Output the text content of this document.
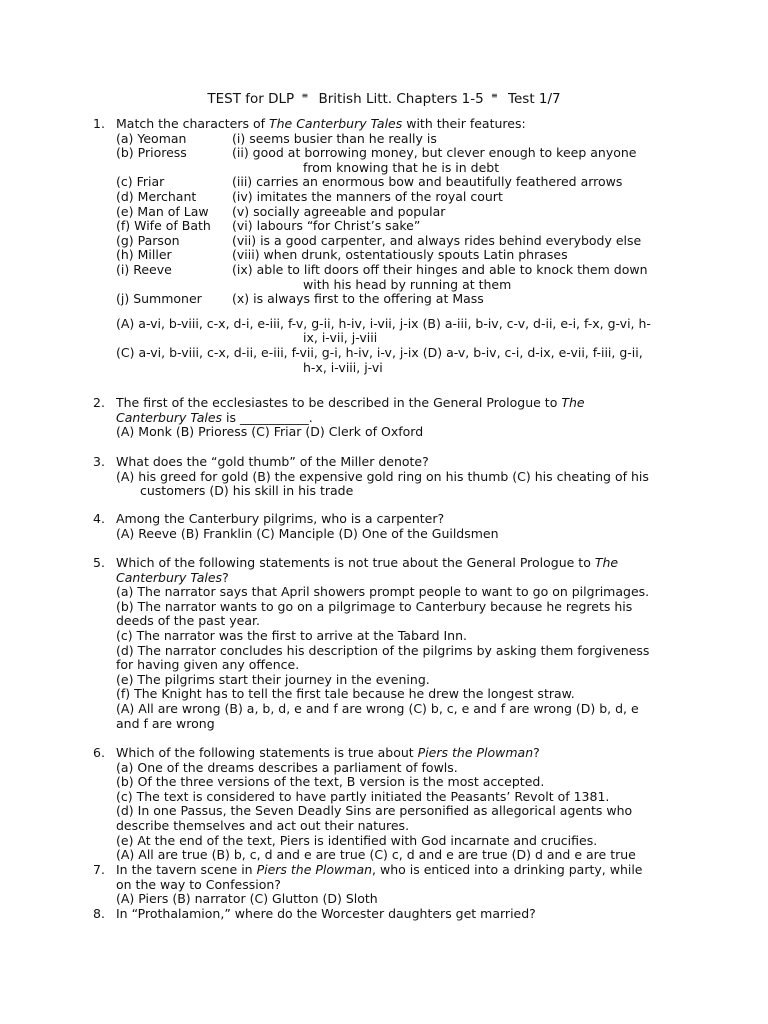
TEST for DLP ≡ British Litt. Chapters 1-5 ≡ Test 1/7
1. Match the characters of The Canterbury Tales with their features:
(a) Yeoman	(i) seems busier than he really is
(b) Prioress	(ii) good at borrowing money, but clever enough to keep anyone
from knowing that he is in debt
(c) Friar	(iii) carries an enormous bow and beautifully feathered arrows
(d) Merchant	(iv) imitates the manners of the royal court
(e) Man of Law (v) socially agreeable and popular
(f) Wife of Bath (vi) labours “for Christ’s sake”
(g) Parson	(vii) is a good carpenter, and always rides behind everybody else
(h) Miller	(viii) when drunk, ostentatiously spouts Latin phrases
(i) Reeve	(ix) able to lift doors off their hinges and able to knock them down
with his head by running at them
(j) Summoner (x) is always first to the offering at Mass
(A) a-vi, b-viii, c-x, d-i, e-iii, f-v, g-ii, h-iv, i-vii, j-ix (B) a-iii, b-iv, c-v, d-ii, e-i, f-x, g-vi, h-
ix, i-vii, j-viii
(C) a-vi, b-viii, c-x, d-ii, e-iii, f-vii, g-i, h-iv, i-v, j-ix (D) a-v, b-iv, c-i, d-ix, e-vii, f-iii, g-ii,
h-x, i-viii, j-vi
2. The first of the ecclesiastes to be described in the General Prologue to The
Canterbury Tales is ___________.
(A) Monk (B) Prioress (C) Friar (D) Clerk of Oxford
3. What does the “gold thumb” of the Miller denote?
(A) his greed for gold (B) the expensive gold ring on his thumb (C) his cheating of his
customers (D) his skill in his trade
4. Among the Canterbury pilgrims, who is a carpenter?
(A) Reeve (B) Franklin (C) Manciple (D) One of the Guildsmen
5. Which of the following statements is not true about the General Prologue to The
Canterbury Tales?
(a) The narrator says that April showers prompt people to want to go on pilgrimages.
(b) The narrator wants to go on a pilgrimage to Canterbury because he regrets his
deeds of the past year.
(c) The narrator was the first to arrive at the Tabard Inn.
(d) The narrator concludes his description of the pilgrims by asking them forgiveness
for having given any offence.
(e) The pilgrims start their journey in the evening.
(f) The Knight has to tell the first tale because he drew the longest straw.
(A) All are wrong (B) a, b, d, e and f are wrong (C) b, c, e and f are wrong (D) b, d, e
and f are wrong
6. Which of the following statements is true about Piers the Plowman?
(a) One of the dreams describes a parliament of fowls.
(b) Of the three versions of the text, B version is the most accepted.
(c) The text is considered to have partly initiated the Peasants’ Revolt of 1381.
(d) In one Passus, the Seven Deadly Sins are personified as allegorical agents who
describe themselves and act out their natures.
(e) At the end of the text, Piers is identified with God incarnate and crucifies.
(A) All are true (B) b, c, d and e are true (C) c, d and e are true (D) d and e are true
7. In the tavern scene in Piers the Plowman, who is enticed into a drinking party, while
on the way to Confession?
(A) Piers (B) narrator (C) Glutton (D) Sloth
8. In “Prothalamion,” where do the Worcester daughters get married?
